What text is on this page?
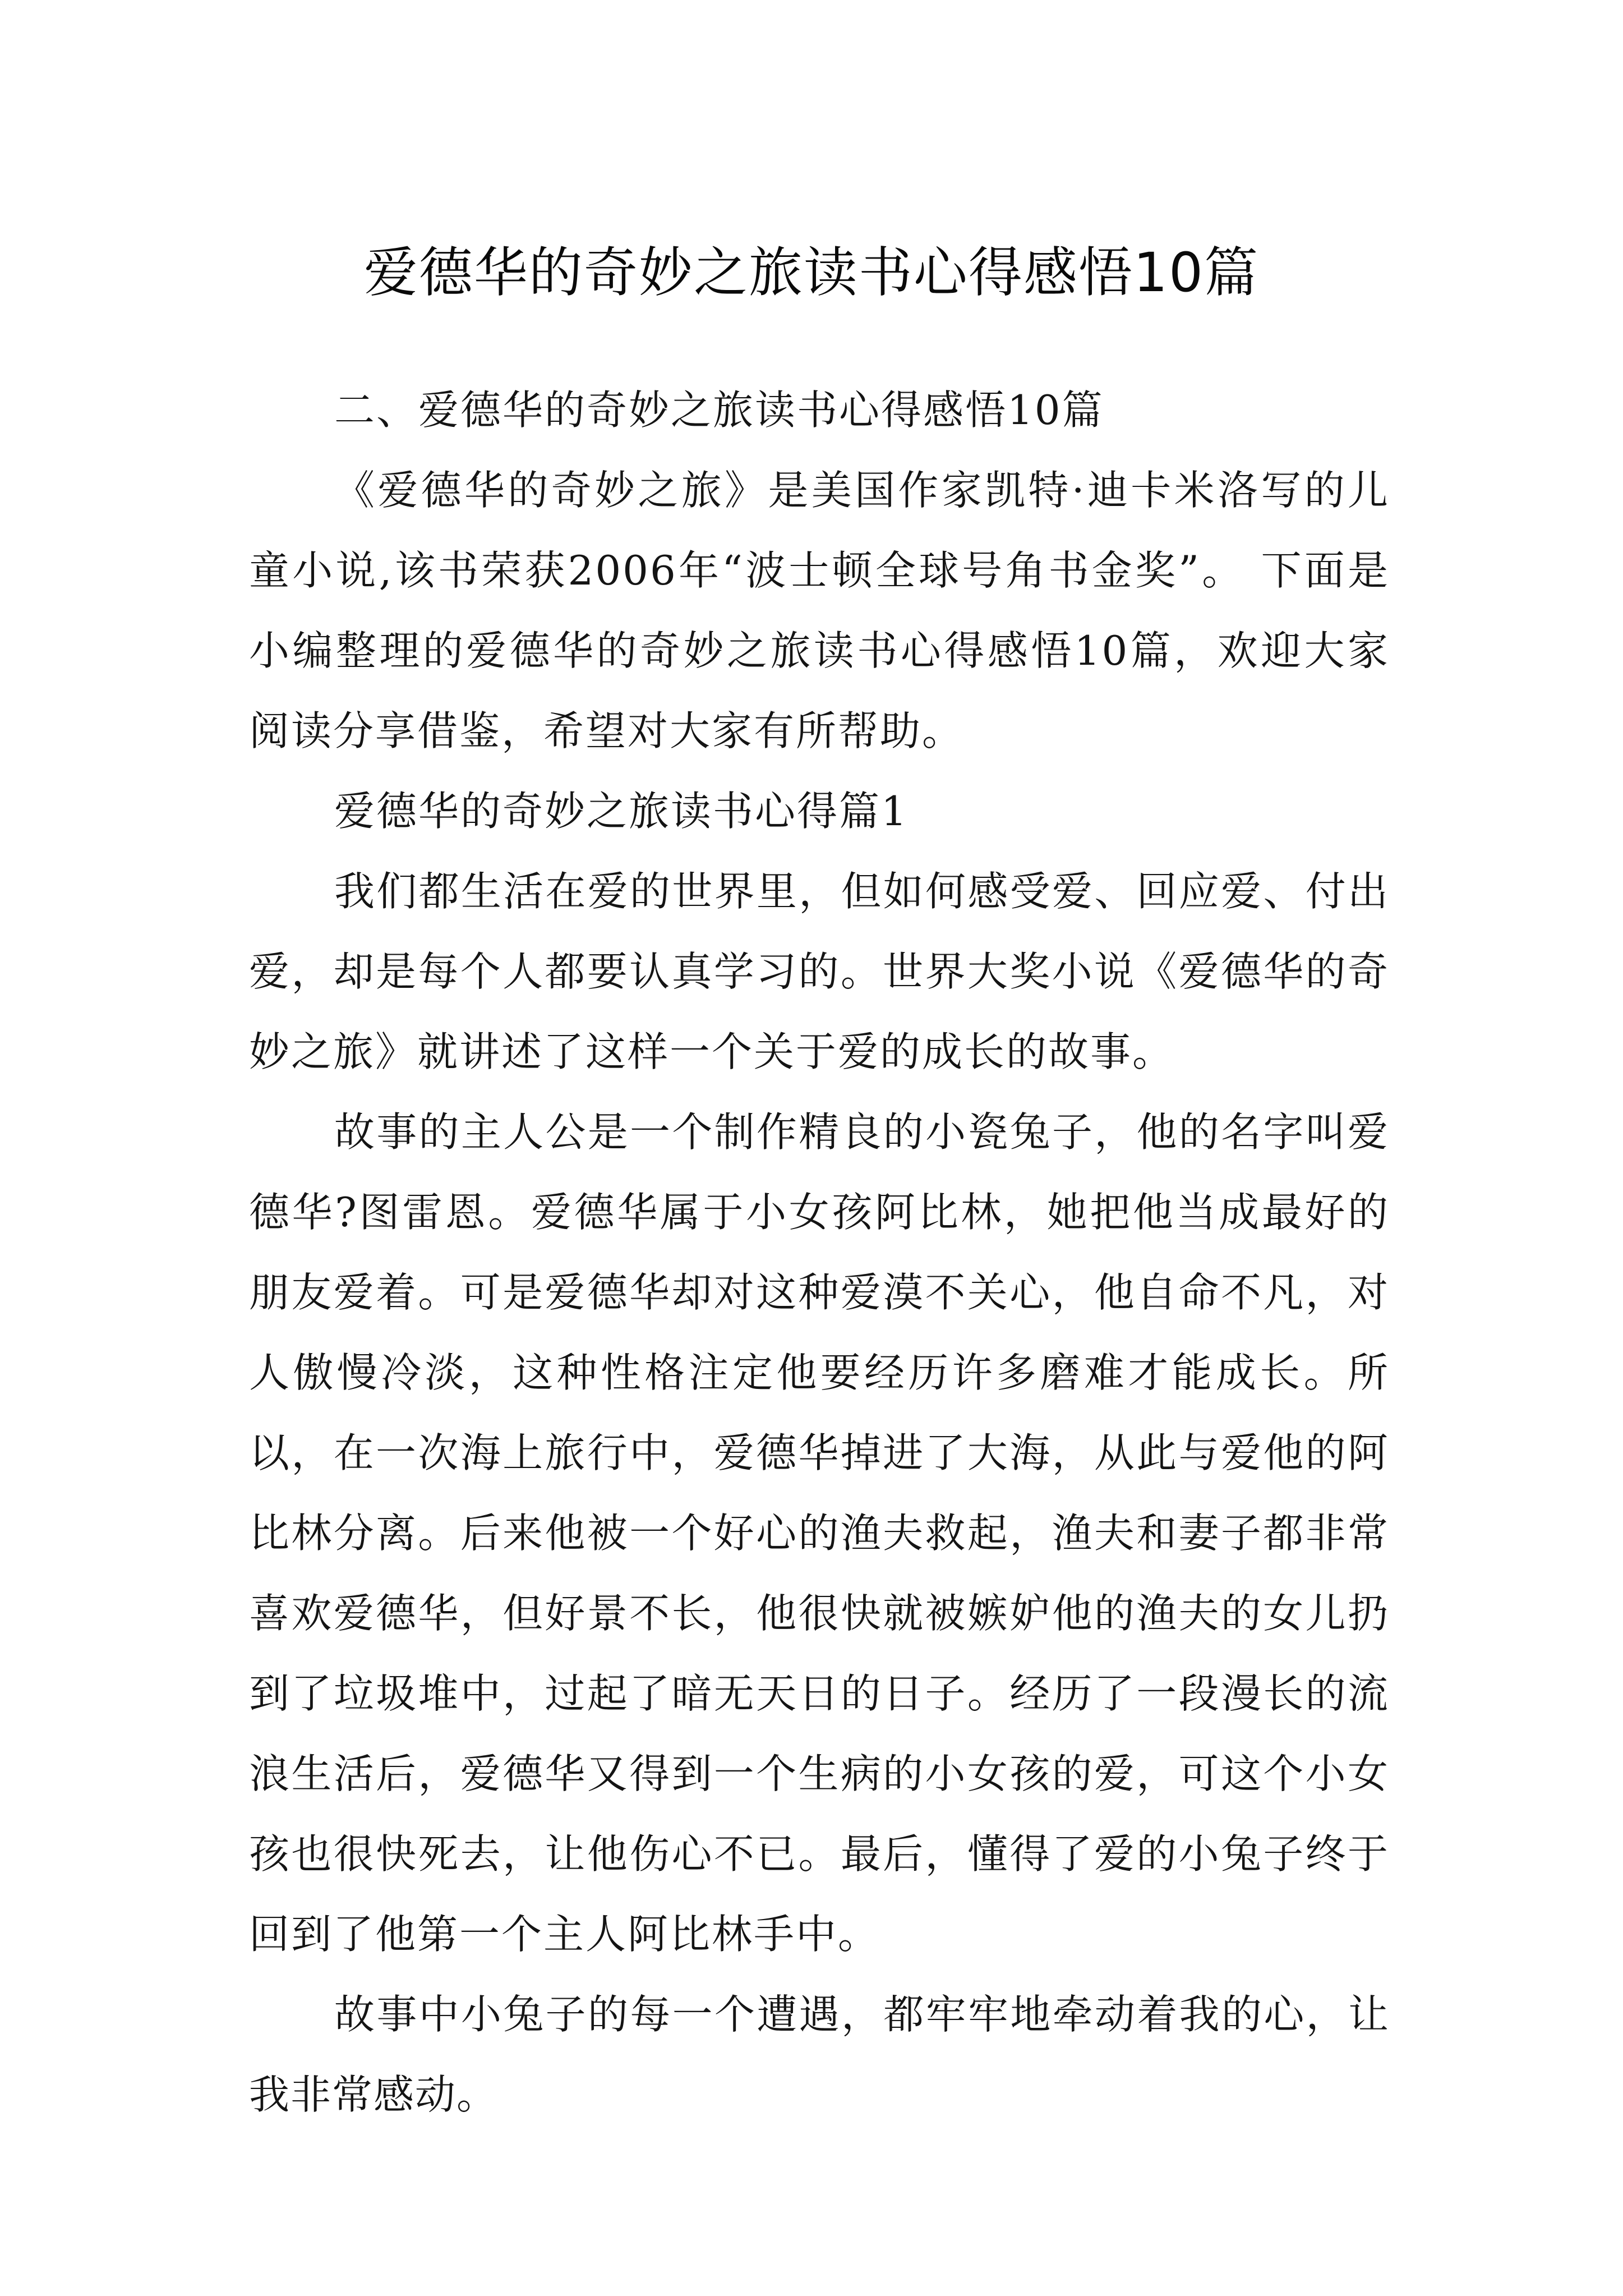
爱德华的奇妙之旅读书心得感悟10篇

二、爱德华的奇妙之旅读书心得感悟10篇

《爱德华的奇妙之旅》是美国作家凯特·迪卡米洛写的儿童小说,该书荣获2006年“波士顿全球号角书金奖”。 下面是小编整理的爱德华的奇妙之旅读书心得感悟10篇，欢迎大家阅读分享借鉴，希望对大家有所帮助。

爱德华的奇妙之旅读书心得篇1

我们都生活在爱的世界里，但如何感受爱、回应爱、付出爱，却是每个人都要认真学习的。世界大奖小说《爱德华的奇妙之旅》就讲述了这样一个关于爱的成长的故事。

故事的主人公是一个制作精良的小瓷兔子，他的名字叫爱德华?图雷恩。爱德华属于小女孩阿比林，她把他当成最好的朋友爱着。可是爱德华却对这种爱漠不关心，他自命不凡，对人傲慢冷淡，这种性格注定他要经历许多磨难才能成长。所以，在一次海上旅行中，爱德华掉进了大海，从此与爱他的阿比林分离。后来他被一个好心的渔夫救起，渔夫和妻子都非常喜欢爱德华，但好景不长，他很快就被嫉妒他的渔夫的女儿扔到了垃圾堆中，过起了暗无天日的日子。经历了一段漫长的流浪生活后，爱德华又得到一个生病的小女孩的爱，可这个小女孩也很快死去，让他伤心不已。最后，懂得了爱的小兔子终于回到了他第一个主人阿比林手中。

故事中小兔子的每一个遭遇，都牢牢地牵动着我的心，让我非常感动。
